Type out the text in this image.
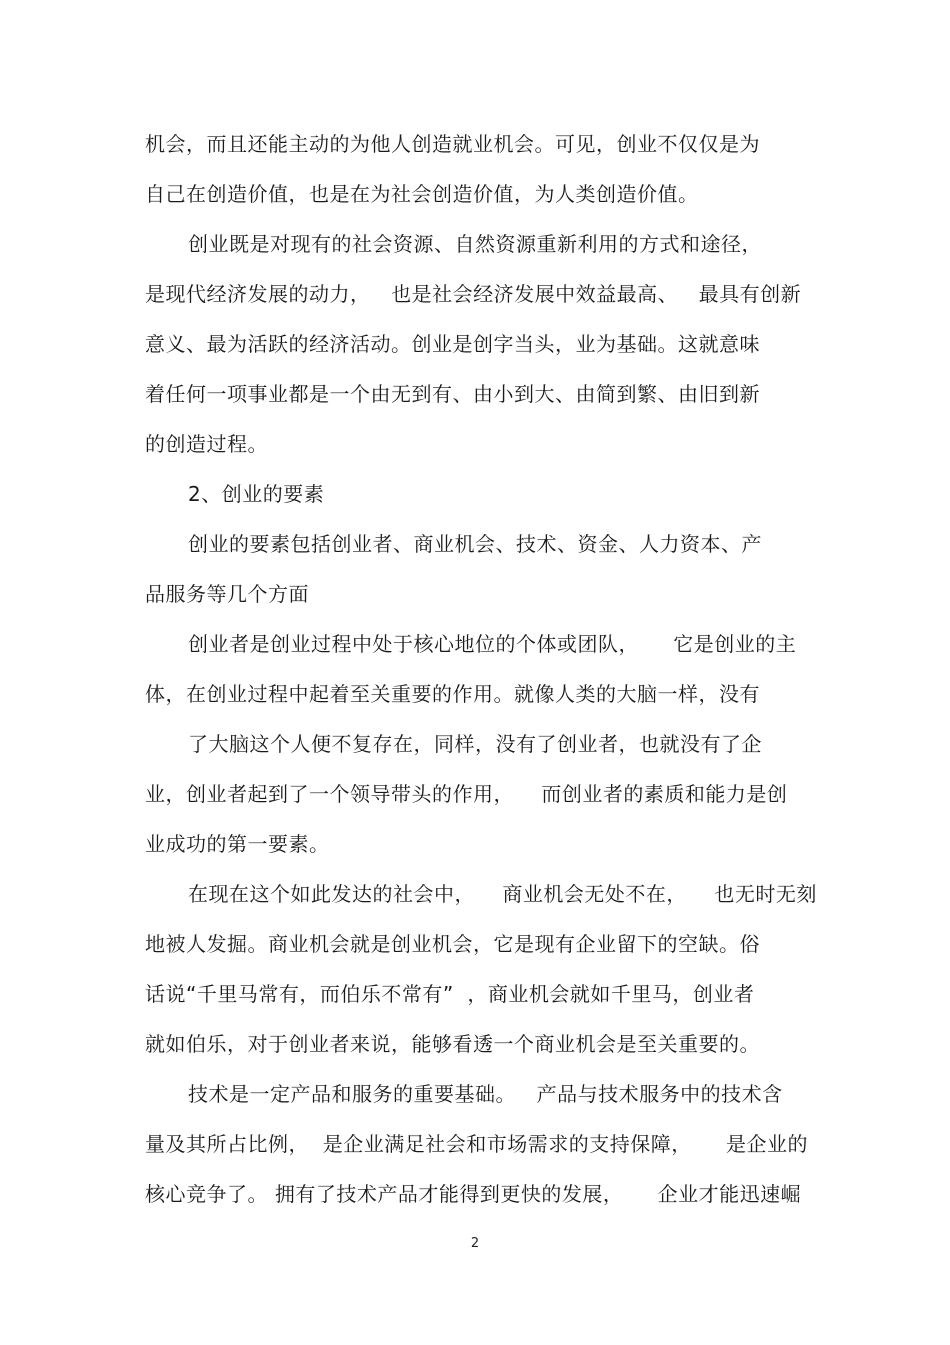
机会，而且还能主动的为他人创造就业机会。可见，创业不仅仅是为
自己在创造价值，也是在为社会创造价值，为人类创造价值。
创业既是对现有的社会资源、自然资源重新利用的方式和途径，
是现代经济发展的动力，   也是社会经济发展中效益最高、   最具有创新
意义、最为活跃的经济活动。创业是创字当头，业为基础。这就意味
着任何一项事业都是一个由无到有、由小到大、由简到繁、由旧到新
的创造过程。
2、创业的要素
创业的要素包括创业者、商业机会、技术、资金、人力资本、产
品服务等几个方面
创业者是创业过程中处于核心地位的个体或团队，     它是创业的主
体，在创业过程中起着至关重要的作用。就像人类的大脑一样，没有
了大脑这个人便不复存在，同样，没有了创业者，也就没有了企
业，创业者起到了一个领导带头的作用，    而创业者的素质和能力是创
业成功的第一要素。
在现在这个如此发达的社会中，    商业机会无处不在，    也无时无刻
地被人发掘。商业机会就是创业机会，它是现有企业留下的空缺。俗
话说“千里马常有，而伯乐不常有”  ，商业机会就如千里马，创业者
就如伯乐，对于创业者来说，能够看透一个商业机会是至关重要的。
技术是一定产品和服务的重要基础。   产品与技术服务中的技术含
量及其所占比例，  是企业满足社会和市场需求的支持保障，     是企业的
核心竞争了。 拥有了技术产品才能得到更快的发展，     企业才能迅速崛
2
